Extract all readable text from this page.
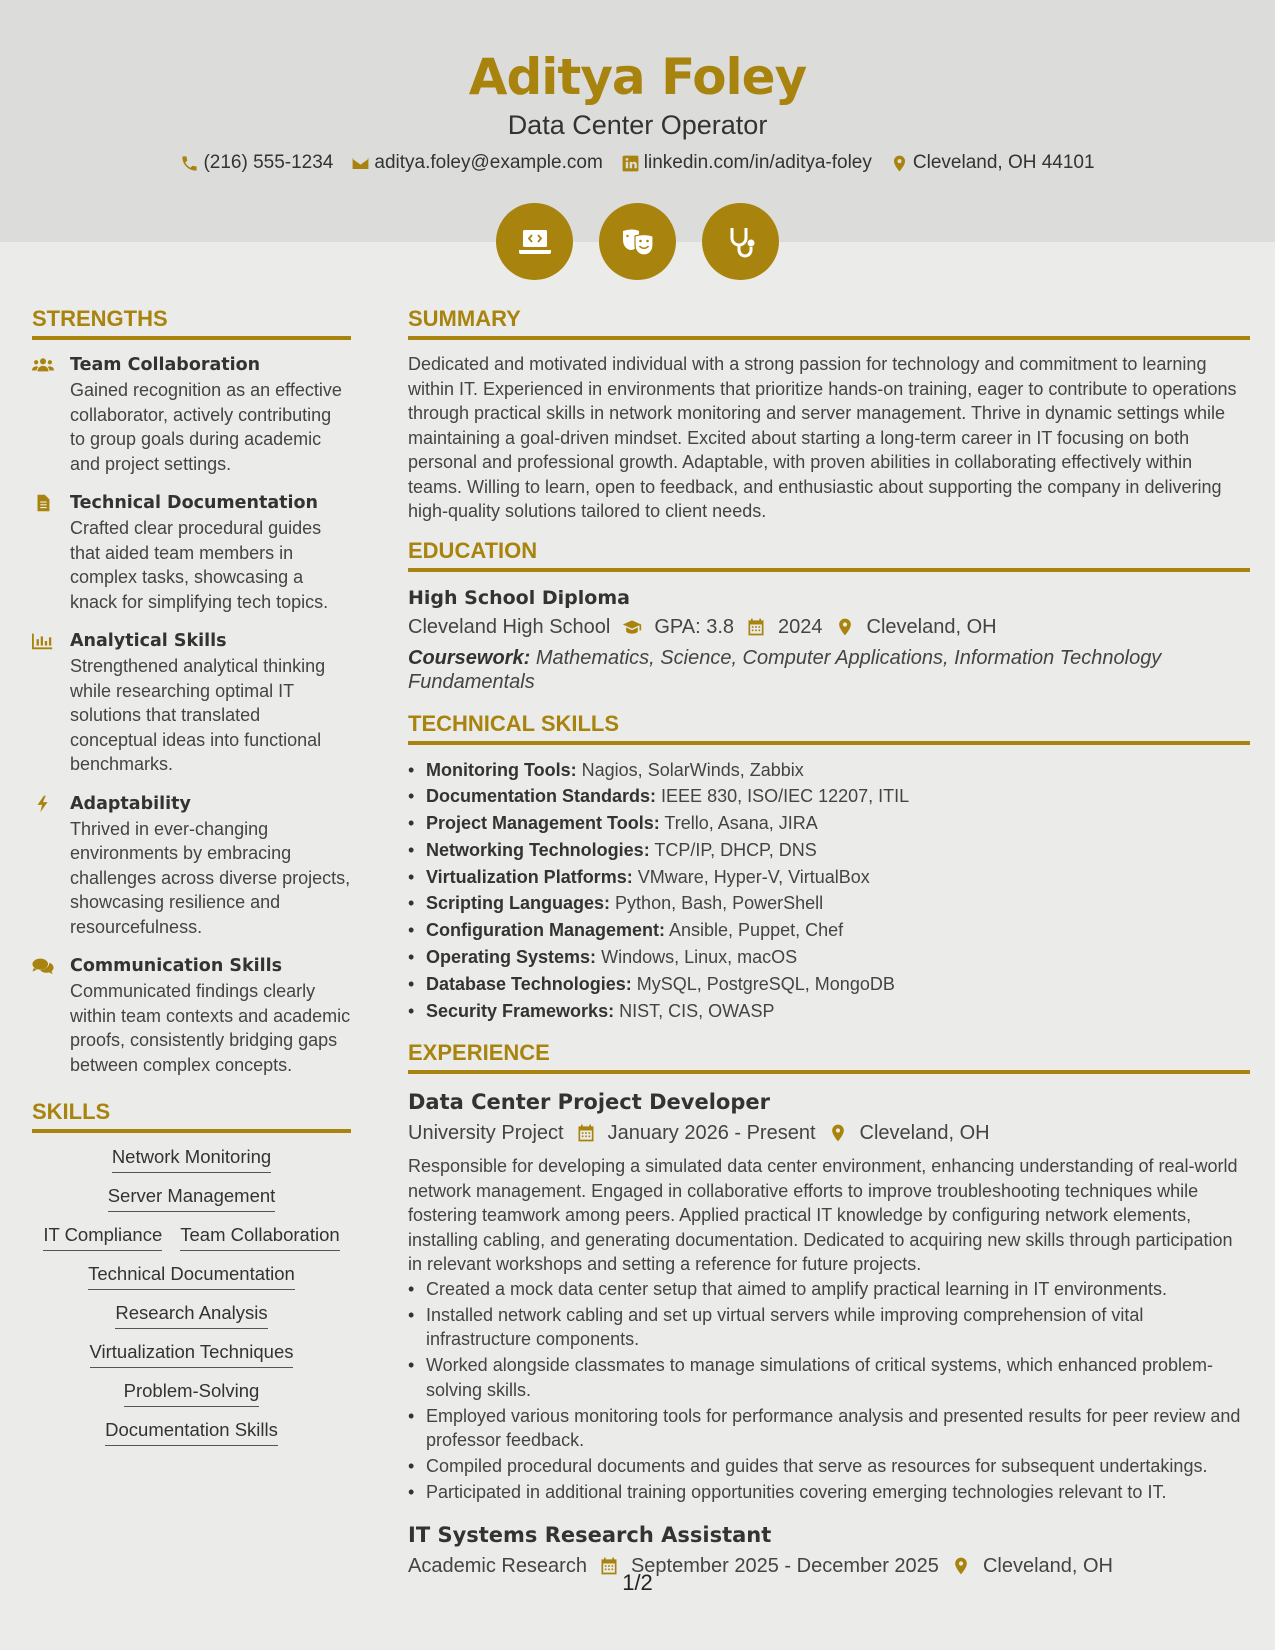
Aditya Foley
Data Center Operator
(216) 555-1234 aditya.foley@example.com linkedin.com/in/aditya-foley Cleveland, OH 44101
STRENGTHS
Team Collaboration
Gained recognition as an effective collaborator, actively contributing to group goals during academic and project settings.
Technical Documentation
Crafted clear procedural guides that aided team members in complex tasks, showcasing a knack for simplifying tech topics.
Analytical Skills
Strengthened analytical thinking while researching optimal IT solutions that translated conceptual ideas into functional benchmarks.
Adaptability
Thrived in ever-changing environments by embracing challenges across diverse projects, showcasing resilience and resourcefulness.
Communication Skills
Communicated findings clearly within team contexts and academic proofs, consistently bridging gaps between complex concepts.
SKILLS
Network Monitoring
Server Management
IT Compliance Team Collaboration
Technical Documentation
Research Analysis
Virtualization Techniques
Problem-Solving
Documentation Skills
SUMMARY
Dedicated and motivated individual with a strong passion for technology and commitment to learning within IT. Experienced in environments that prioritize hands-on training, eager to contribute to operations through practical skills in network monitoring and server management. Thrive in dynamic settings while maintaining a goal-driven mindset. Excited about starting a long-term career in IT focusing on both personal and professional growth. Adaptable, with proven abilities in collaborating effectively within teams. Willing to learn, open to feedback, and enthusiastic about supporting the company in delivering high-quality solutions tailored to client needs.
EDUCATION
High School Diploma
Cleveland High School GPA: 3.8 2024 Cleveland, OH
Coursework: Mathematics, Science, Computer Applications, Information Technology Fundamentals
TECHNICAL SKILLS
• Monitoring Tools: Nagios, SolarWinds, Zabbix
• Documentation Standards: IEEE 830, ISO/IEC 12207, ITIL
• Project Management Tools: Trello, Asana, JIRA
• Networking Technologies: TCP/IP, DHCP, DNS
• Virtualization Platforms: VMware, Hyper-V, VirtualBox
• Scripting Languages: Python, Bash, PowerShell
• Configuration Management: Ansible, Puppet, Chef
• Operating Systems: Windows, Linux, macOS
• Database Technologies: MySQL, PostgreSQL, MongoDB
• Security Frameworks: NIST, CIS, OWASP
EXPERIENCE
Data Center Project Developer
University Project January 2026 - Present Cleveland, OH
Responsible for developing a simulated data center environment, enhancing understanding of real-world network management. Engaged in collaborative efforts to improve troubleshooting techniques while fostering teamwork among peers. Applied practical IT knowledge by configuring network elements, installing cabling, and generating documentation. Dedicated to acquiring new skills through participation in relevant workshops and setting a reference for future projects.
• Created a mock data center setup that aimed to amplify practical learning in IT environments.
• Installed network cabling and set up virtual servers while improving comprehension of vital infrastructure components.
• Worked alongside classmates to manage simulations of critical systems, which enhanced problem-solving skills.
• Employed various monitoring tools for performance analysis and presented results for peer review and professor feedback.
• Compiled procedural documents and guides that serve as resources for subsequent undertakings.
• Participated in additional training opportunities covering emerging technologies relevant to IT.
IT Systems Research Assistant
Academic Research September 2025 - December 2025 Cleveland, OH
1/2
